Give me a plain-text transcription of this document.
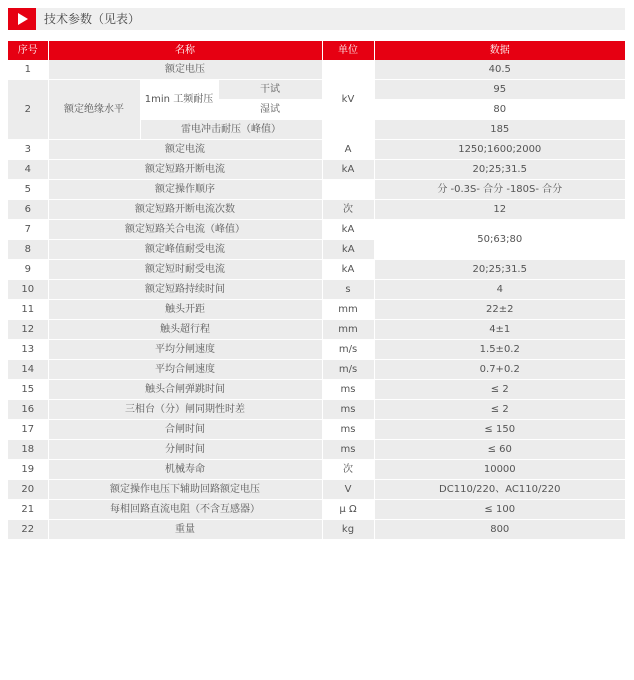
技术参数（见表）
序号	名称			单位	数据
1	额定电压			kV	40.5
2	额定绝缘水平	1min 工频耐压	干试		95
			湿试		80
		雷电冲击耐压（峰值）			185
3	额定电流			A	1250;1600;2000
4	额定短路开断电流			kA	20;25;31.5
5	额定操作顺序				分 -0.3S- 合分 -180S- 合分
6	额定短路开断电流次数			次	12
7	额定短路关合电流（峰值）			kA	50;63;80
8	额定峰值耐受电流			kA	
9	额定短时耐受电流			kA	20;25;31.5
10	额定短路持续时间			s	4
11	触头开距			mm	22±2
12	触头超行程			mm	4±1
13	平均分闸速度			m/s	1.5±0.2
14	平均合闸速度			m/s	0.7+0.2
15	触头合闸弹跳时间			ms	≤ 2
16	三相台（分）闸同期性时差			ms	≤ 2
17	合闸时间			ms	≤ 150
18	分闸时间			ms	≤ 60
19	机械寿命			次	10000
20	额定操作电压下辅助回路额定电压			V	DC110/220、AC110/220
21	每相回路直流电阻（不含互感器）			μ Ω	≤ 100
22	重量			kg	800
